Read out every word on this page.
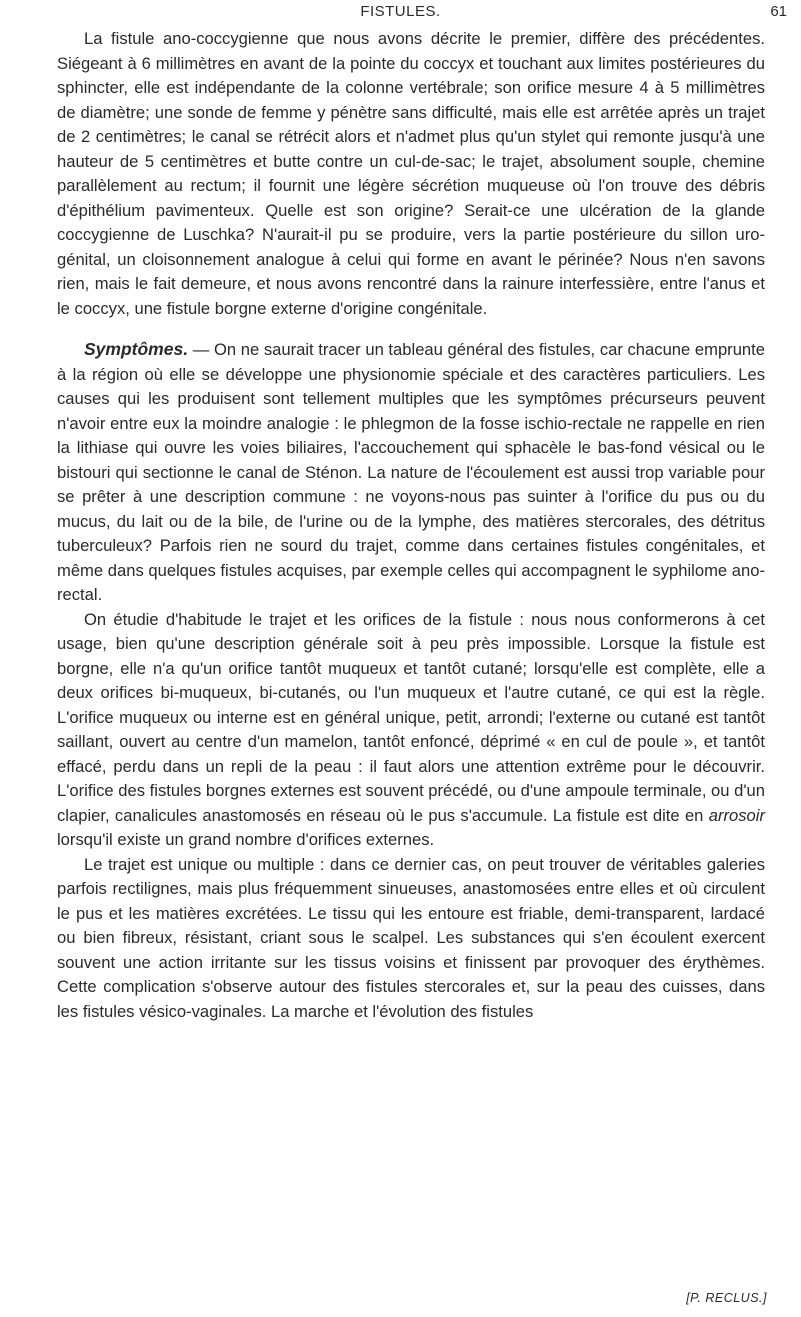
FISTULES.	61

La fistule ano-coccygienne que nous avons décrite le premier, diffère des précédentes. Siégeant à 6 millimètres en avant de la pointe du coccyx et touchant aux limites postérieures du sphincter, elle est indépendante de la colonne vertébrale; son orifice mesure 4 à 5 millimètres de diamètre; une sonde de femme y pénètre sans difficulté, mais elle est arrêtée après un trajet de 2 centimètres; le canal se rétrécit alors et n'admet plus qu'un stylet qui remonte jusqu'à une hauteur de 5 centimètres et butte contre un cul-de-sac; le trajet, absolument souple, chemine parallèlement au rectum; il fournit une légère sécrétion muqueuse où l'on trouve des débris d'épithélium pavimenteux. Quelle est son origine? Serait-ce une ulcération de la glande coccygienne de Luschka? N'aurait-il pu se produire, vers la partie postérieure du sillon uro-génital, un cloisonnement analogue à celui qui forme en avant le périnée? Nous n'en savons rien, mais le fait demeure, et nous avons rencontré dans la rainure interfessière, entre l'anus et le coccyx, une fistule borgne externe d'origine congénitale.

Symptômes. — On ne saurait tracer un tableau général des fistules, car chacune emprunte à la région où elle se développe une physionomie spéciale et des caractères particuliers. Les causes qui les produisent sont tellement multiples que les symptômes précurseurs peuvent n'avoir entre eux la moindre analogie : le phlegmon de la fosse ischio-rectale ne rappelle en rien la lithiase qui ouvre les voies biliaires, l'accouchement qui sphacèle le bas-fond vésical ou le bistouri qui sectionne le canal de Sténon. La nature de l'écoulement est aussi trop variable pour se prêter à une description commune : ne voyons-nous pas suinter à l'orifice du pus ou du mucus, du lait ou de la bile, de l'urine ou de la lymphe, des matières stercorales, des détritus tuberculeux? Parfois rien ne sourd du trajet, comme dans certaines fistules congénitales, et même dans quelques fistules acquises, par exemple celles qui accompagnent le syphilome ano-rectal.

On étudie d'habitude le trajet et les orifices de la fistule : nous nous conformerons à cet usage, bien qu'une description générale soit à peu près impossible. Lorsque la fistule est borgne, elle n'a qu'un orifice tantôt muqueux et tantôt cutané; lorsqu'elle est complète, elle a deux orifices bi-muqueux, bi-cutanés, ou l'un muqueux et l'autre cutané, ce qui est la règle. L'orifice muqueux ou interne est en général unique, petit, arrondi; l'externe ou cutané est tantôt saillant, ouvert au centre d'un mamelon, tantôt enfoncé, déprimé « en cul de poule », et tantôt effacé, perdu dans un repli de la peau : il faut alors une attention extrême pour le découvrir. L'orifice des fistules borgnes externes est souvent précédé, ou d'une ampoule terminale, ou d'un clapier, canalicules anastomosés en réseau où le pus s'accumule. La fistule est dite en arrosoir lorsqu'il existe un grand nombre d'orifices externes.

Le trajet est unique ou multiple : dans ce dernier cas, on peut trouver de véritables galeries parfois rectilignes, mais plus fréquemment sinueuses, anastomosées entre elles et où circulent le pus et les matières excrétées. Le tissu qui les entoure est friable, demi-transparent, lardacé ou bien fibreux, résistant, criant sous le scalpel. Les substances qui s'en écoulent exercent souvent une action irritante sur les tissus voisins et finissent par provoquer des érythèmes. Cette complication s'observe autour des fistules stercorales et, sur la peau des cuisses, dans les fistules vésico-vaginales. La marche et l'évolution des fistules

[P. RECLUS.]
